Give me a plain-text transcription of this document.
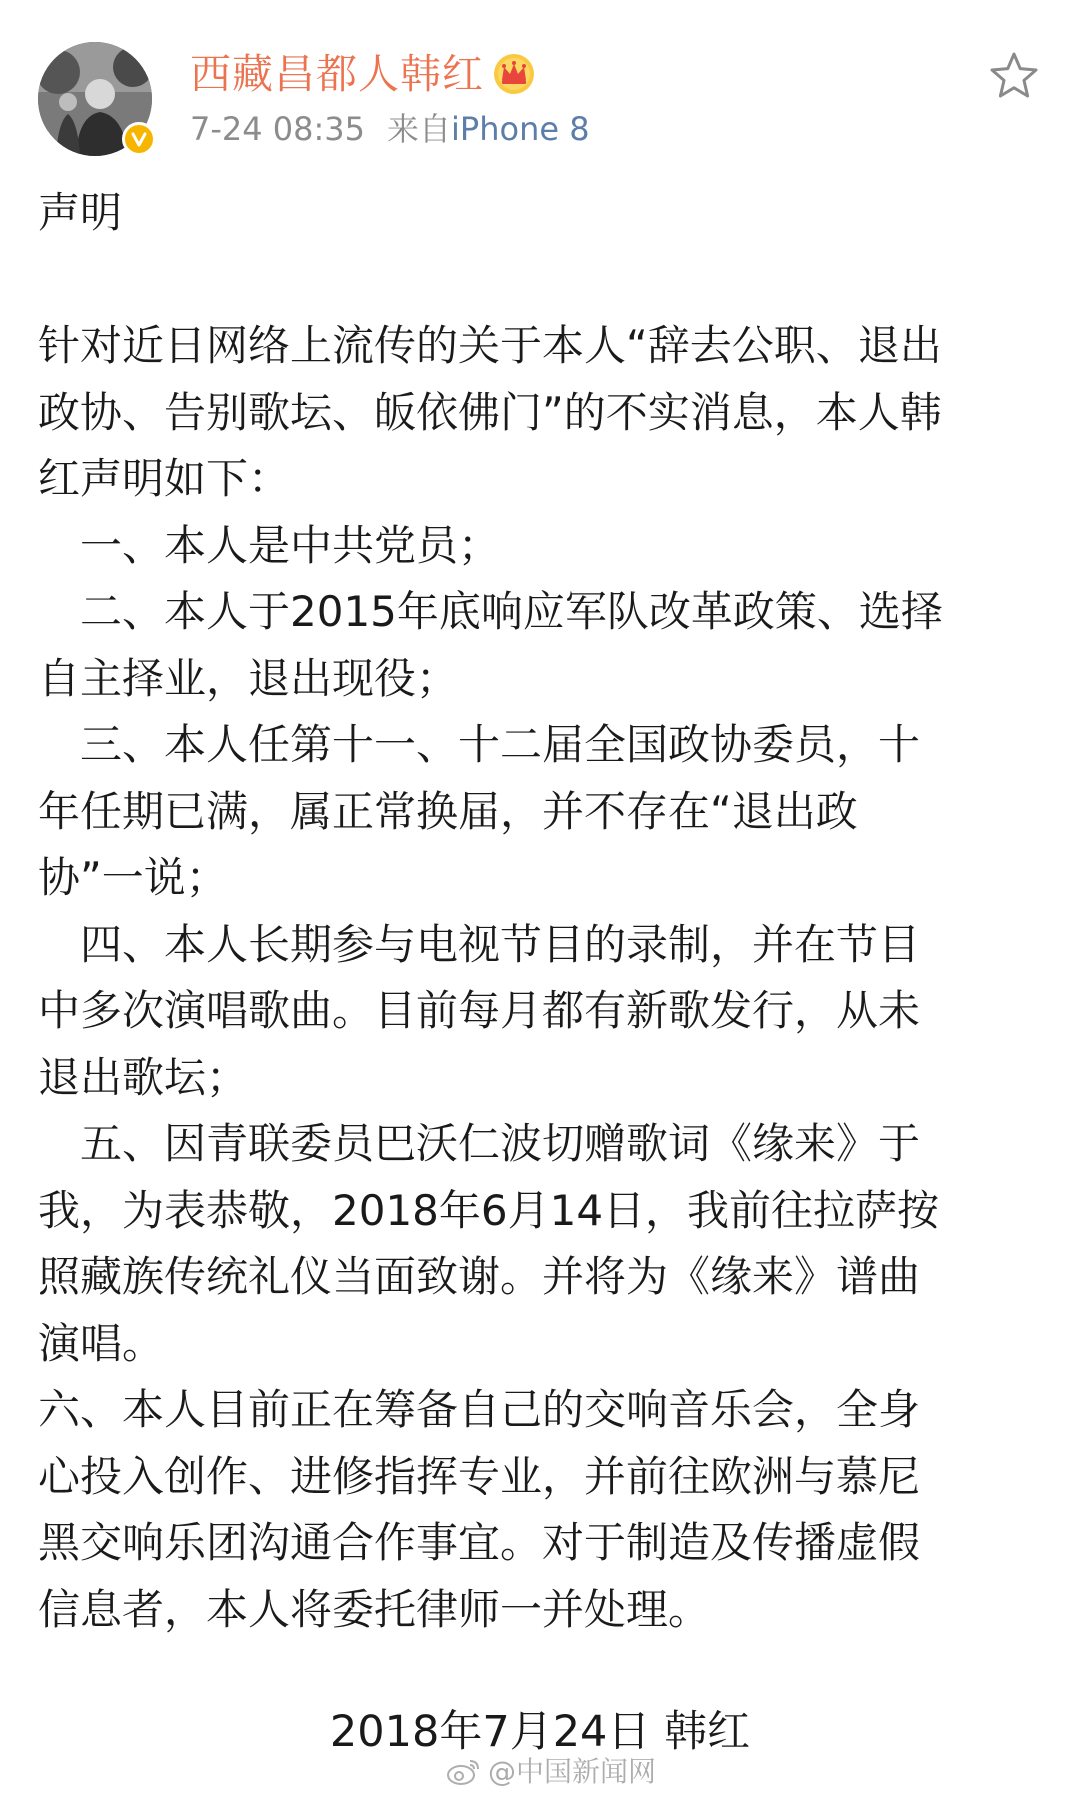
西藏昌都人韩红
7-24 08:35 来自iPhone 8
声明
针对近日网络上流传的关于本人“辞去公职、退出
政协、告别歌坛、皈依佛门”的不实消息，本人韩
红声明如下：
　一、本人是中共党员；
　二、本人于2015年底响应军队改革政策、选择
自主择业，退出现役；
　三、本人任第十一、十二届全国政协委员，十
年任期已满，属正常换届，并不存在“退出政
协”一说；
　四、本人长期参与电视节目的录制，并在节目
中多次演唱歌曲。目前每月都有新歌发行，从未
退出歌坛；
　五、因青联委员巴沃仁波切赠歌词《缘来》于
我，为表恭敬，2018年6月14日，我前往拉萨按
照藏族传统礼仪当面致谢。并将为《缘来》谱曲
演唱。
六、本人目前正在筹备自己的交响音乐会，全身
心投入创作、进修指挥专业，并前往欧洲与慕尼
黑交响乐团沟通合作事宜。对于制造及传播虚假
信息者，本人将委托律师一并处理。
2018年7月24日 韩红
@中国新闻网
